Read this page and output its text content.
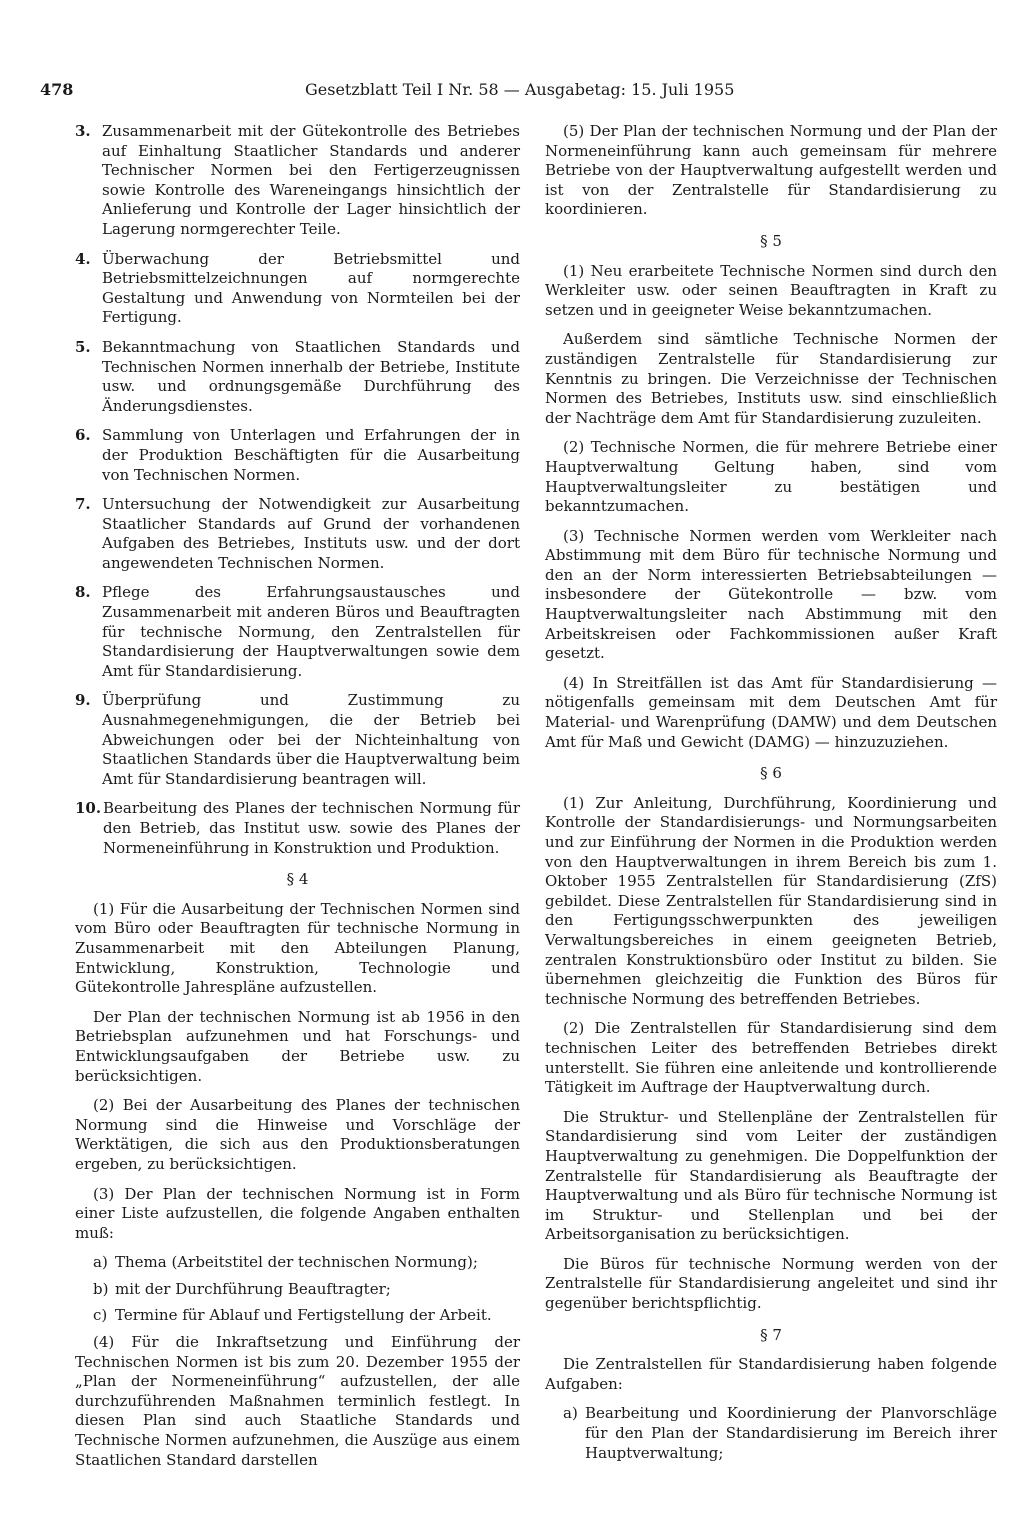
478	Gesetzblatt Teil I Nr. 58 — Ausgabetag: 15. Juli 1955
3. Zusammenarbeit mit der Gütekontrolle des Betriebes auf Einhaltung Staatlicher Standards und anderer Technischer Normen bei den Fertigerzeugnissen sowie Kontrolle des Wareneingangs hinsichtlich der Anlieferung und Kontrolle der Lager hinsichtlich der Lagerung normgerechter Teile.
4. Überwachung der Betriebsmittel und Betriebsmittelzeichnungen auf normgerechte Gestaltung und Anwendung von Normteilen bei der Fertigung.
5. Bekanntmachung von Staatlichen Standards und Technischen Normen innerhalb der Betriebe, Institute usw. und ordnungsgemäße Durchführung des Änderungsdienstes.
6. Sammlung von Unterlagen und Erfahrungen der in der Produktion Beschäftigten für die Ausarbeitung von Technischen Normen.
7. Untersuchung der Notwendigkeit zur Ausarbeitung Staatlicher Standards auf Grund der vorhandenen Aufgaben des Betriebes, Instituts usw. und der dort angewendeten Technischen Normen.
8. Pflege des Erfahrungsaustausches und Zusammenarbeit mit anderen Büros und Beauftragten für technische Normung, den Zentralstellen für Standardisierung der Hauptverwaltungen sowie dem Amt für Standardisierung.
9. Überprüfung und Zustimmung zu Ausnahmegenehmigungen, die der Betrieb bei Abweichungen oder bei der Nichteinhaltung von Staatlichen Standards über die Hauptverwaltung beim Amt für Standardisierung beantragen will.
10. Bearbeitung des Planes der technischen Normung für den Betrieb, das Institut usw. sowie des Planes der Normeneinführung in Konstruktion und Produktion.
§ 4

(1) Für die Ausarbeitung der Technischen Normen sind vom Büro oder Beauftragten für technische Normung in Zusammenarbeit mit den Abteilungen Planung, Entwicklung, Konstruktion, Technologie und Gütekontrolle Jahrespläne aufzustellen.

Der Plan der technischen Normung ist ab 1956 in den Betriebsplan aufzunehmen und hat Forschungs- und Entwicklungsaufgaben der Betriebe usw. zu berücksichtigen.

(2) Bei der Ausarbeitung des Planes der technischen Normung sind die Hinweise und Vorschläge der Werktätigen, die sich aus den Produktionsberatungen ergeben, zu berücksichtigen.

(3) Der Plan der technischen Normung ist in Form einer Liste aufzustellen, die folgende Angaben enthalten muß:

a) Thema (Arbeitstitel der technischen Normung);
b) mit der Durchführung Beauftragter;
c) Termine für Ablauf und Fertigstellung der Arbeit.

(4) Für die Inkraftsetzung und Einführung der Technischen Normen ist bis zum 20. Dezember 1955 der „Plan der Normeneinführung“ aufzustellen, der alle durchzuführenden Maßnahmen terminlich festlegt. In diesen Plan sind auch Staatliche Standards und Technische Normen aufzunehmen, die Auszüge aus einem Staatlichen Standard darstellen

(5) Der Plan der technischen Normung und der Plan der Normeneinführung kann auch gemeinsam für mehrere Betriebe von der Hauptverwaltung aufgestellt werden und ist von der Zentralstelle für Standardisierung zu koordinieren.

§ 5

(1) Neu erarbeitete Technische Normen sind durch den Werkleiter usw. oder seinen Beauftragten in Kraft zu setzen und in geeigneter Weise bekanntzumachen.

Außerdem sind sämtliche Technische Normen der zuständigen Zentralstelle für Standardisierung zur Kenntnis zu bringen. Die Verzeichnisse der Technischen Normen des Betriebes, Instituts usw. sind einschließlich der Nachträge dem Amt für Standardisierung zuzuleiten.

(2) Technische Normen, die für mehrere Betriebe einer Hauptverwaltung Geltung haben, sind vom Hauptverwaltungsleiter zu bestätigen und bekanntzumachen.

(3) Technische Normen werden vom Werkleiter nach Abstimmung mit dem Büro für technische Normung und den an der Norm interessierten Betriebsabteilungen — insbesondere der Gütekontrolle — bzw. vom Hauptverwaltungsleiter nach Abstimmung mit den Arbeitskreisen oder Fachkommissionen außer Kraft gesetzt.

(4) In Streitfällen ist das Amt für Standardisierung — nötigenfalls gemeinsam mit dem Deutschen Amt für Material- und Warenprüfung (DAMW) und dem Deutschen Amt für Maß und Gewicht (DAMG) — hinzuzuziehen.

§ 6

(1) Zur Anleitung, Durchführung, Koordinierung und Kontrolle der Standardisierungs- und Normungsarbeiten und zur Einführung der Normen in die Produktion werden von den Hauptverwaltungen in ihrem Bereich bis zum 1. Oktober 1955 Zentralstellen für Standardisierung (ZfS) gebildet. Diese Zentralstellen für Standardisierung sind in den Fertigungsschwerpunkten des jeweiligen Verwaltungsbereiches in einem geeigneten Betrieb, zentralen Konstruktionsbüro oder Institut zu bilden. Sie übernehmen gleichzeitig die Funktion des Büros für technische Normung des betreffenden Betriebes.

(2) Die Zentralstellen für Standardisierung sind dem technischen Leiter des betreffenden Betriebes direkt unterstellt. Sie führen eine anleitende und kontrollierende Tätigkeit im Auftrage der Hauptverwaltung durch.

Die Struktur- und Stellenpläne der Zentralstellen für Standardisierung sind vom Leiter der zuständigen Hauptverwaltung zu genehmigen. Die Doppelfunktion der Zentralstelle für Standardisierung als Beauftragte der Hauptverwaltung und als Büro für technische Normung ist im Struktur- und Stellenplan und bei der Arbeitsorganisation zu berücksichtigen.

Die Büros für technische Normung werden von der Zentralstelle für Standardisierung angeleitet und sind ihr gegenüber berichtspflichtig.

§ 7

Die Zentralstellen für Standardisierung haben folgende Aufgaben:

a) Bearbeitung und Koordinierung der Planvorschläge für den Plan der Standardisierung im Bereich ihrer Hauptverwaltung;
